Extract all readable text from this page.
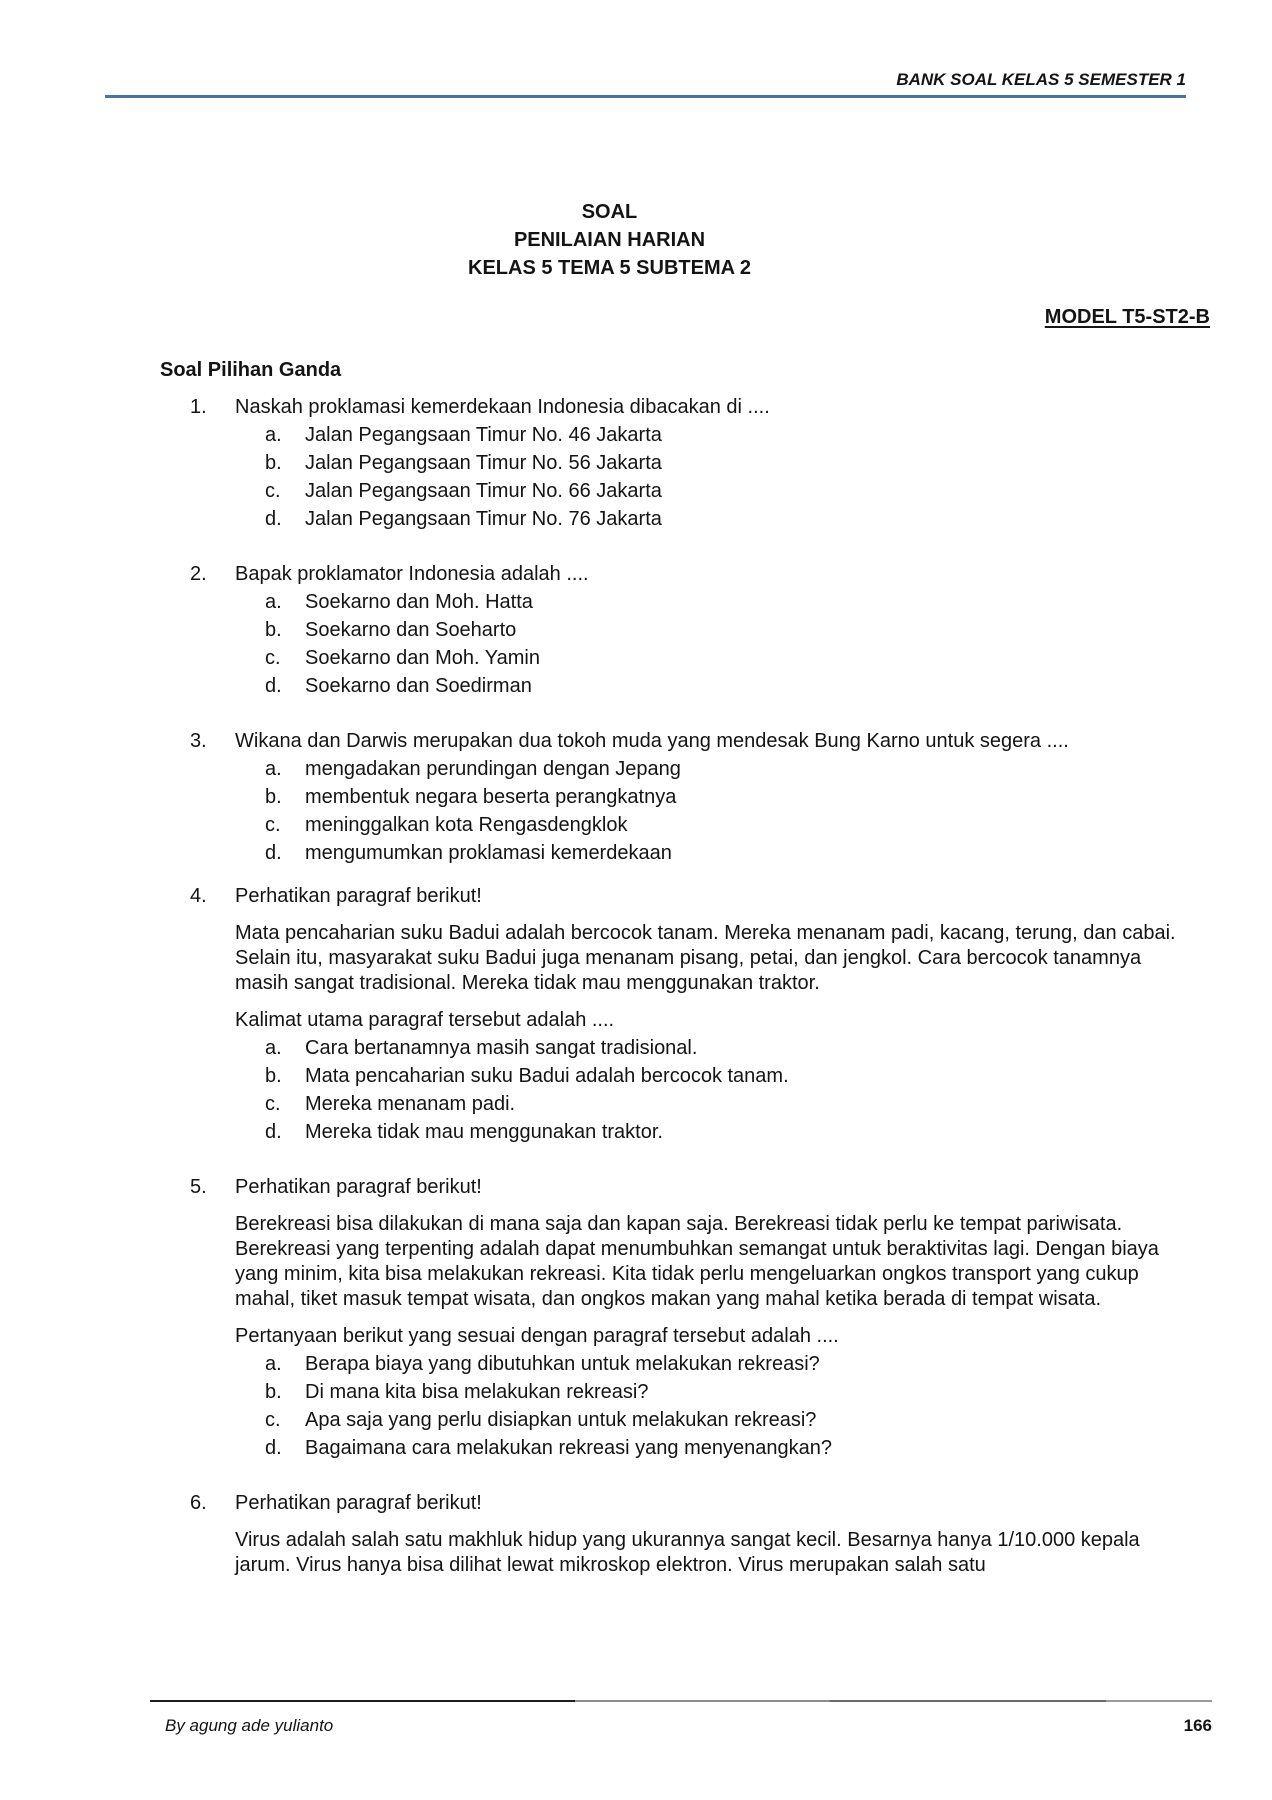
BANK SOAL KELAS 5 SEMESTER 1
SOAL
PENILAIAN HARIAN
KELAS 5 TEMA 5 SUBTEMA 2
MODEL T5-ST2-B
Soal Pilihan Ganda
1.	Naskah proklamasi kemerdekaan Indonesia dibacakan di ....
a.	Jalan Pegangsaan Timur No. 46 Jakarta
b.	Jalan Pegangsaan Timur No. 56 Jakarta
c.	Jalan Pegangsaan Timur No. 66 Jakarta
d.	Jalan Pegangsaan Timur No. 76 Jakarta
2.	Bapak proklamator Indonesia adalah ....
a.	Soekarno dan Moh. Hatta
b.	Soekarno dan Soeharto
c.	Soekarno dan Moh. Yamin
d.	Soekarno dan Soedirman
3.	Wikana dan Darwis merupakan dua tokoh muda yang mendesak Bung Karno untuk segera ....
a.	mengadakan perundingan dengan Jepang
b.	membentuk negara beserta perangkatnya
c.	meninggalkan kota Rengasdengklok
d.	mengumumkan proklamasi kemerdekaan
4.	Perhatikan paragraf berikut!
Mata pencaharian suku Badui adalah bercocok tanam. Mereka menanam padi, kacang, terung, dan cabai. Selain itu, masyarakat suku Badui juga menanam pisang, petai, dan jengkol. Cara bercocok tanamnya masih sangat tradisional. Mereka tidak mau menggunakan traktor.
Kalimat utama paragraf tersebut adalah ....
a.	Cara bertanamnya masih sangat tradisional.
b.	Mata pencaharian suku Badui adalah bercocok tanam.
c.	Mereka menanam padi.
d.	Mereka tidak mau menggunakan traktor.
5.	Perhatikan paragraf berikut!
Berekreasi bisa dilakukan di mana saja dan kapan saja. Berekreasi tidak perlu ke tempat pariwisata. Berekreasi yang terpenting adalah dapat menumbuhkan semangat untuk beraktivitas lagi. Dengan biaya yang minim, kita bisa melakukan rekreasi. Kita tidak perlu mengeluarkan ongkos transport yang cukup mahal, tiket masuk tempat wisata, dan ongkos makan yang mahal ketika berada di tempat wisata.
Pertanyaan berikut yang sesuai dengan paragraf tersebut adalah ....
a.	Berapa biaya yang dibutuhkan untuk melakukan rekreasi?
b.	Di mana kita bisa melakukan rekreasi?
c.	Apa saja yang perlu disiapkan untuk melakukan rekreasi?
d.	Bagaimana cara melakukan rekreasi yang menyenangkan?
6.	Perhatikan paragraf berikut!
Virus adalah salah satu makhluk hidup yang ukurannya sangat kecil. Besarnya hanya 1/10.000 kepala jarum. Virus hanya bisa dilihat lewat mikroskop elektron. Virus merupakan salah satu
By agung ade yulianto	166
